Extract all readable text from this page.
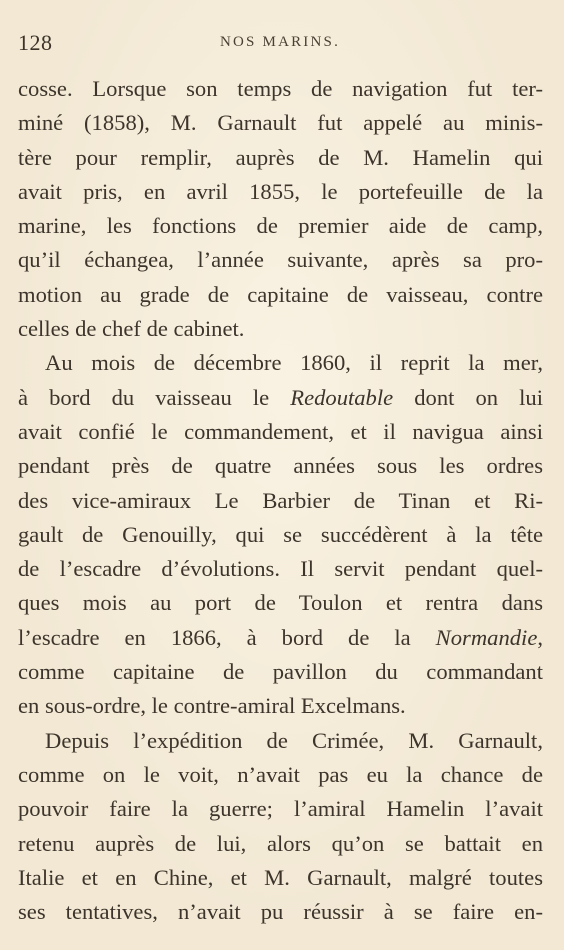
128	NOS MARINS.
cosse. Lorsque son temps de navigation fut ter-
miné (1858), M. Garnault fut appelé au minis-
tère pour remplir, auprès de M. Hamelin qui
avait pris, en avril 1855, le portefeuille de la
marine, les fonctions de premier aide de camp,
qu’il échangea, l’année suivante, après sa pro-
motion au grade de capitaine de vaisseau, contre
celles de chef de cabinet.
Au mois de décembre 1860, il reprit la mer,
à bord du vaisseau le Redoutable dont on lui
avait confié le commandement, et il navigua ainsi
pendant près de quatre années sous les ordres
des vice-amiraux Le Barbier de Tinan et Ri-
gault de Genouilly, qui se succédèrent à la tête
de l’escadre d’évolutions. Il servit pendant quel-
ques mois au port de Toulon et rentra dans
l’escadre en 1866, à bord de la Normandie,
comme capitaine de pavillon du commandant
en sous-ordre, le contre-amiral Excelmans.
Depuis l’expédition de Crimée, M. Garnault,
comme on le voit, n’avait pas eu la chance de
pouvoir faire la guerre; l’amiral Hamelin l’avait
retenu auprès de lui, alors qu’on se battait en
Italie et en Chine, et M. Garnault, malgré toutes
ses tentatives, n’avait pu réussir à se faire en-
